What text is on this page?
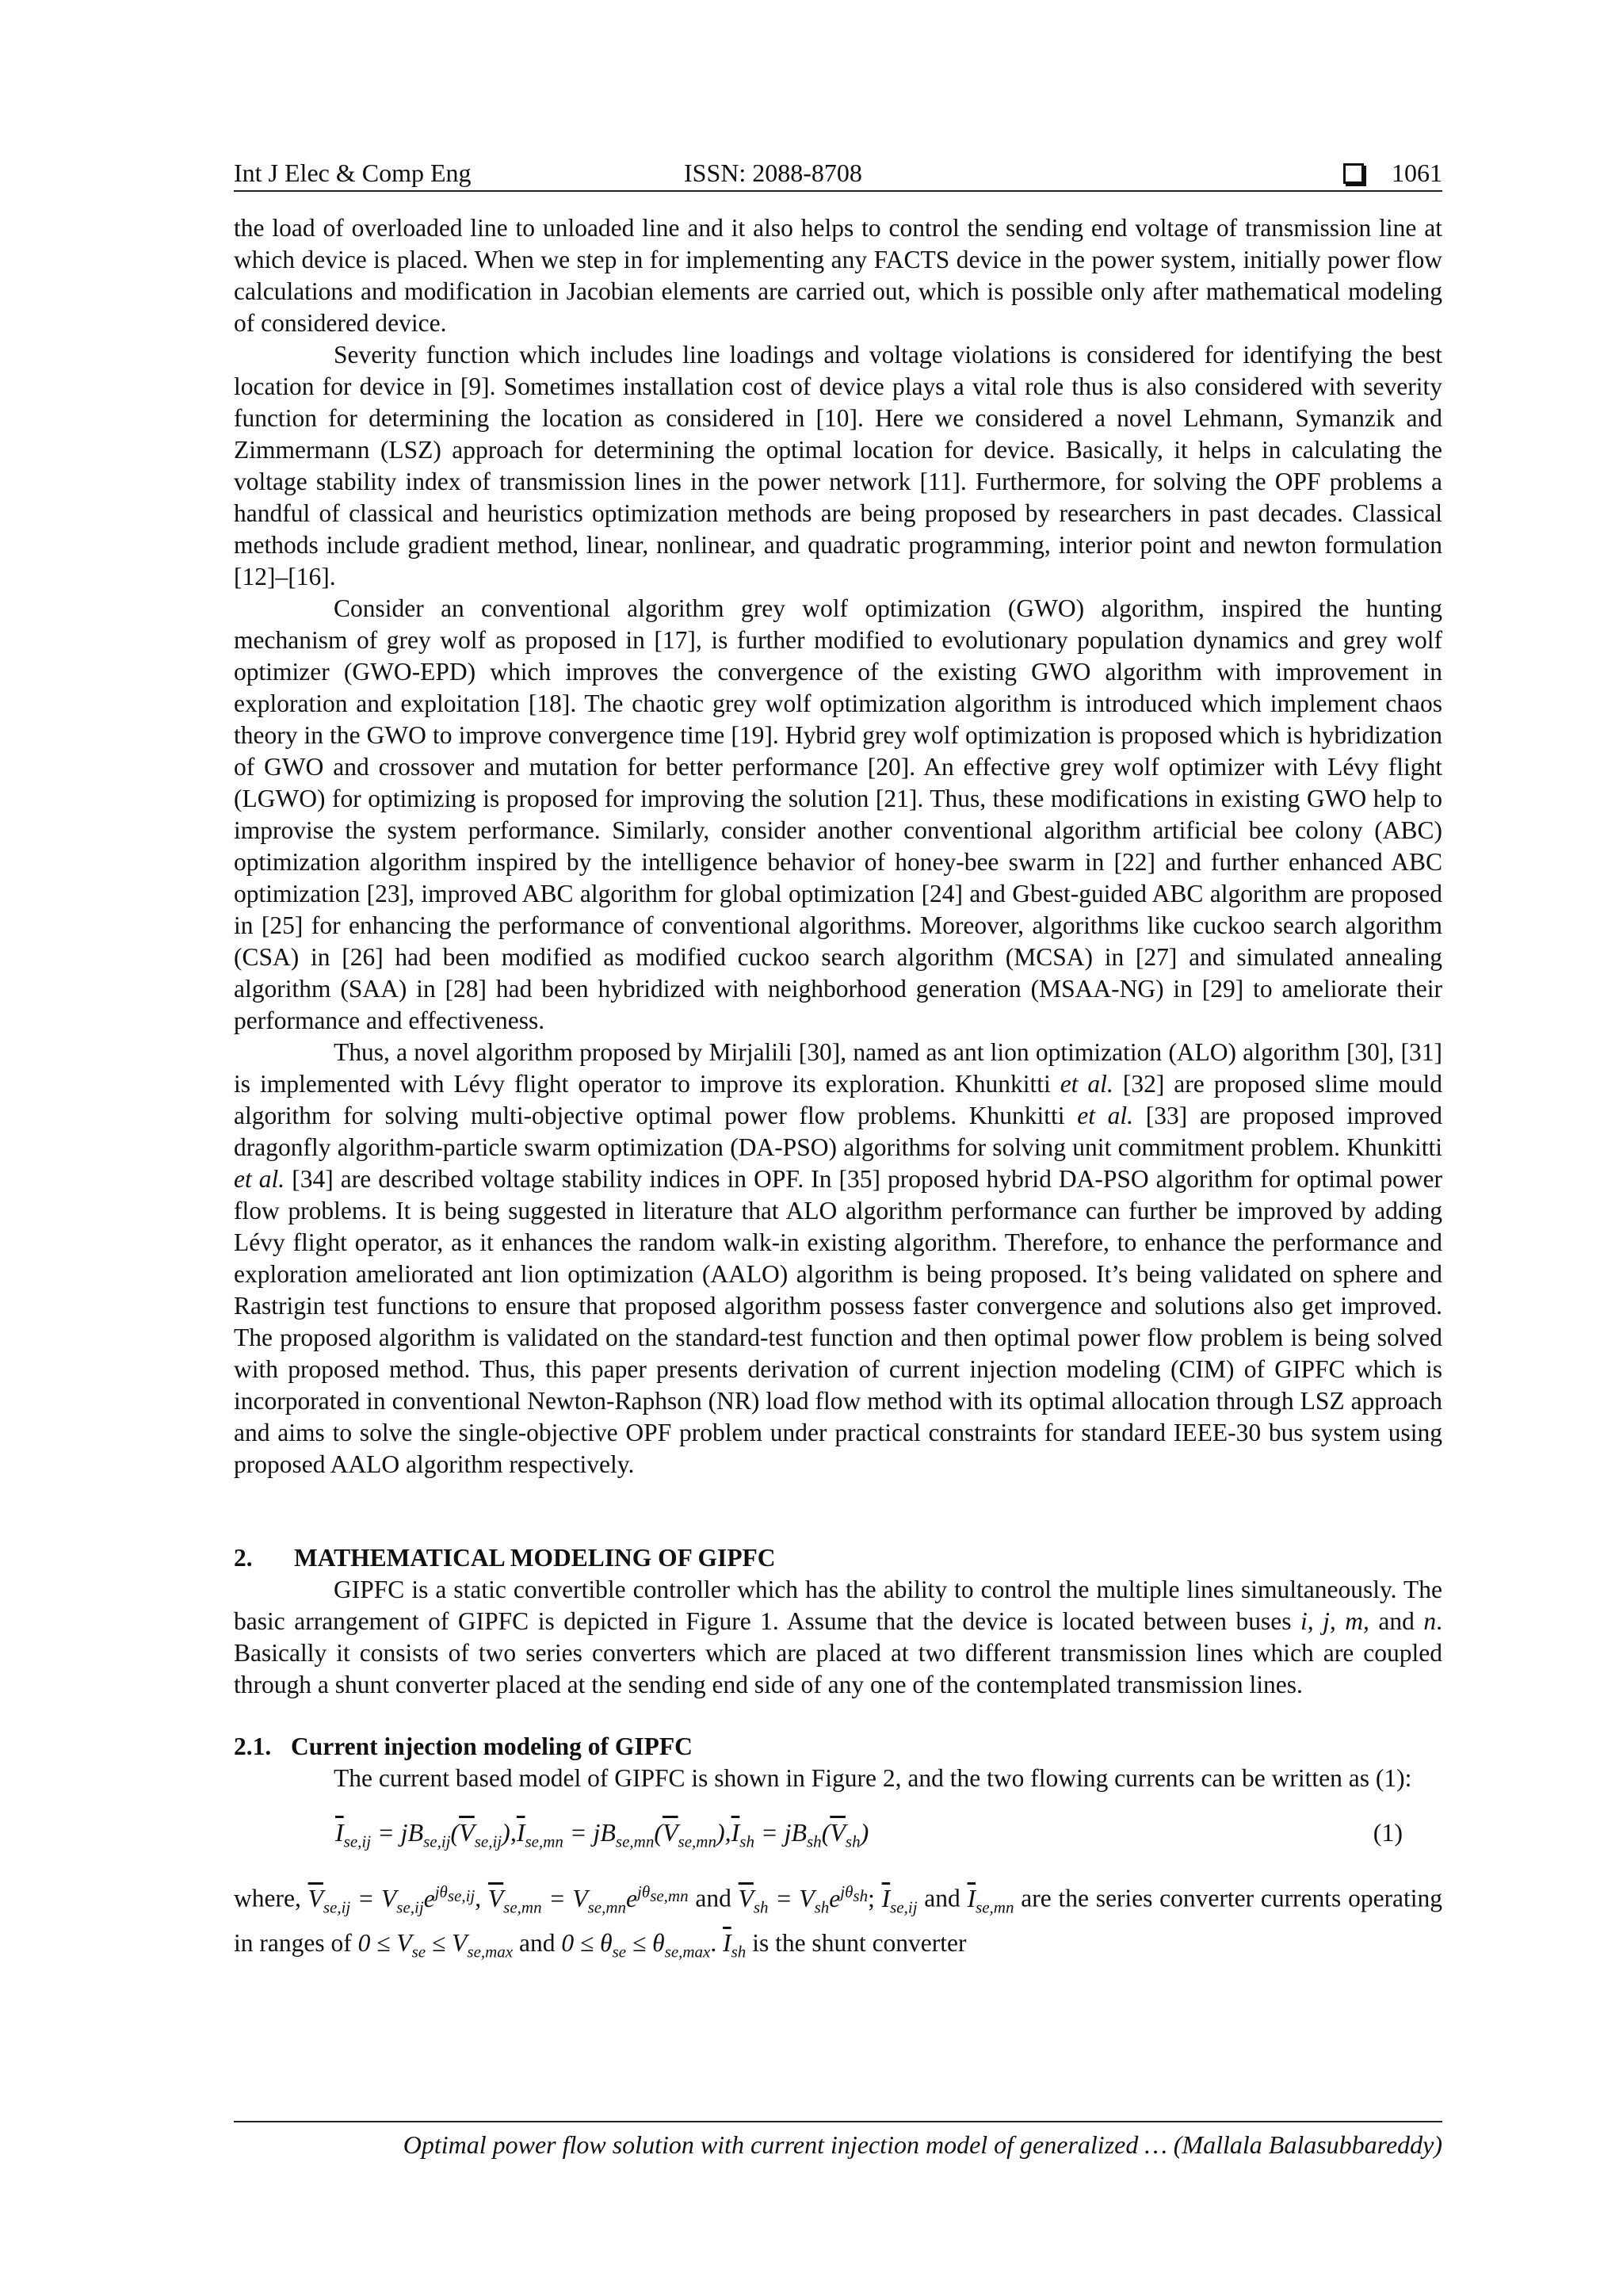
Int J Elec & Comp Eng	ISSN: 2088-8708	1061

the load of overloaded line to unloaded line and it also helps to control the sending end voltage of transmission line at which device is placed. When we step in for implementing any FACTS device in the power system, initially power flow calculations and modification in Jacobian elements are carried out, which is possible only after mathematical modeling of considered device.

Severity function which includes line loadings and voltage violations is considered for identifying the best location for device in [9]. Sometimes installation cost of device plays a vital role thus is also considered with severity function for determining the location as considered in [10]. Here we considered a novel Lehmann, Symanzik and Zimmermann (LSZ) approach for determining the optimal location for device. Basically, it helps in calculating the voltage stability index of transmission lines in the power network [11]. Furthermore, for solving the OPF problems a handful of classical and heuristics optimization methods are being proposed by researchers in past decades. Classical methods include gradient method, linear, nonlinear, and quadratic programming, interior point and newton formulation [12]–[16].

Consider an conventional algorithm grey wolf optimization (GWO) algorithm, inspired the hunting mechanism of grey wolf as proposed in [17], is further modified to evolutionary population dynamics and grey wolf optimizer (GWO-EPD) which improves the convergence of the existing GWO algorithm with improvement in exploration and exploitation [18]. The chaotic grey wolf optimization algorithm is introduced which implement chaos theory in the GWO to improve convergence time [19]. Hybrid grey wolf optimization is proposed which is hybridization of GWO and crossover and mutation for better performance [20]. An effective grey wolf optimizer with Lévy flight (LGWO) for optimizing is proposed for improving the solution [21]. Thus, these modifications in existing GWO help to improvise the system performance. Similarly, consider another conventional algorithm artificial bee colony (ABC) optimization algorithm inspired by the intelligence behavior of honey-bee swarm in [22] and further enhanced ABC optimization [23], improved ABC algorithm for global optimization [24] and Gbest-guided ABC algorithm are proposed in [25] for enhancing the performance of conventional algorithms. Moreover, algorithms like cuckoo search algorithm (CSA) in [26] had been modified as modified cuckoo search algorithm (MCSA) in [27] and simulated annealing algorithm (SAA) in [28] had been hybridized with neighborhood generation (MSAA-NG) in [29] to ameliorate their performance and effectiveness.

Thus, a novel algorithm proposed by Mirjalili [30], named as ant lion optimization (ALO) algorithm [30], [31] is implemented with Lévy flight operator to improve its exploration. Khunkitti et al. [32] are proposed slime mould algorithm for solving multi-objective optimal power flow problems. Khunkitti et al. [33] are proposed improved dragonfly algorithm-particle swarm optimization (DA-PSO) algorithms for solving unit commitment problem. Khunkitti et al. [34] are described voltage stability indices in OPF. In [35] proposed hybrid DA-PSO algorithm for optimal power flow problems. It is being suggested in literature that ALO algorithm performance can further be improved by adding Lévy flight operator, as it enhances the random walk-in existing algorithm. Therefore, to enhance the performance and exploration ameliorated ant lion optimization (AALO) algorithm is being proposed. It’s being validated on sphere and Rastrigin test functions to ensure that proposed algorithm possess faster convergence and solutions also get improved. The proposed algorithm is validated on the standard-test function and then optimal power flow problem is being solved with proposed method. Thus, this paper presents derivation of current injection modeling (CIM) of GIPFC which is incorporated in conventional Newton-Raphson (NR) load flow method with its optimal allocation through LSZ approach and aims to solve the single-objective OPF problem under practical constraints for standard IEEE-30 bus system using proposed AALO algorithm respectively.

2. MATHEMATICAL MODELING OF GIPFC

GIPFC is a static convertible controller which has the ability to control the multiple lines simultaneously. The basic arrangement of GIPFC is depicted in Figure 1. Assume that the device is located between buses i, j, m, and n. Basically it consists of two series converters which are placed at two different transmission lines which are coupled through a shunt converter placed at the sending end side of any one of the contemplated transmission lines.

2.1. Current injection modeling of GIPFC

The current based model of GIPFC is shown in Figure 2, and the two flowing currents can be written as (1):

$\overline{I}_{se,ij} = jB_{se,ij}(\overline{V}_{se,ij}),\overline{I}_{se,mn} = jB_{se,mn}(\overline{V}_{se,mn}),\overline{I}_{sh} = jB_{sh}(\overline{V}_{sh})$	(1)

where, $\overline{V}_{se,ij} = V_{se,ij}e^{j\theta_{se,ij}}$, $\overline{V}_{se,mn} = V_{se,mn}e^{j\theta_{se,mn}}$ and $\overline{V}_{sh} = V_{sh}e^{j\theta_{sh}}$; $\overline{I}_{se,ij}$ and $\overline{I}_{se,mn}$ are the series converter currents operating in ranges of $0 \le V_{se} \le V_{se,max}$ and $0 \le \theta_{se} \le \theta_{se,max}$. $\overline{I}_{sh}$ is the shunt converter

Optimal power flow solution with current injection model of generalized … (Mallala Balasubbareddy)
